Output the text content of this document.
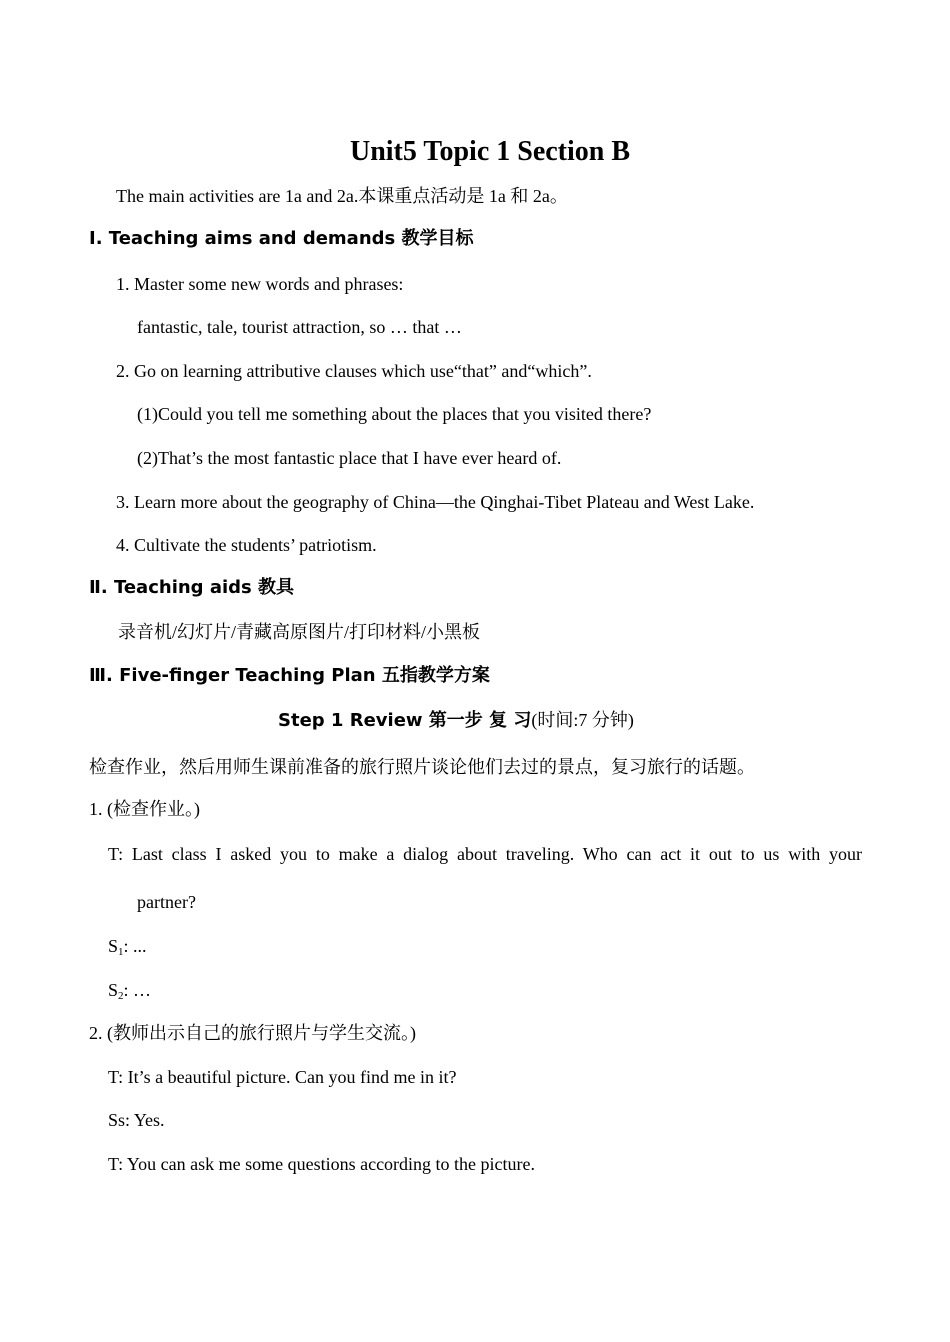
Unit5 Topic 1 Section B
The main activities are 1a and 2a.本课重点活动是 1a 和 2a。
Ⅰ. Teaching aims and demands 教学目标
1. Master some new words and phrases:
fantastic, tale, tourist attraction, so … that …
2. Go on learning attributive clauses which use“that” and“which”.
(1)Could you tell me something about the places that you visited there?
(2)That’s the most fantastic place that I have ever heard of.
3. Learn more about the geography of China—the Qinghai-Tibet Plateau and West Lake.
4. Cultivate the students’ patriotism.
Ⅱ. Teaching aids 教具
录音机/幻灯片/青藏高原图片/打印材料/小黑板
Ⅲ. Five-finger Teaching Plan 五指教学方案
Step 1 Review 第一步 复 习(时间:7 分钟)
检查作业，然后用师生课前准备的旅行照片谈论他们去过的景点，复习旅行的话题。
1. (检查作业。)
T: Last class I asked you to make a dialog about traveling. Who can act it out to us with your
partner?
$S_1$: ...
$S_2$: …
2. (教师出示自己的旅行照片与学生交流。)
T: It’s a beautiful picture. Can you find me in it?
Ss: Yes.
T: You can ask me some questions according to the picture.
